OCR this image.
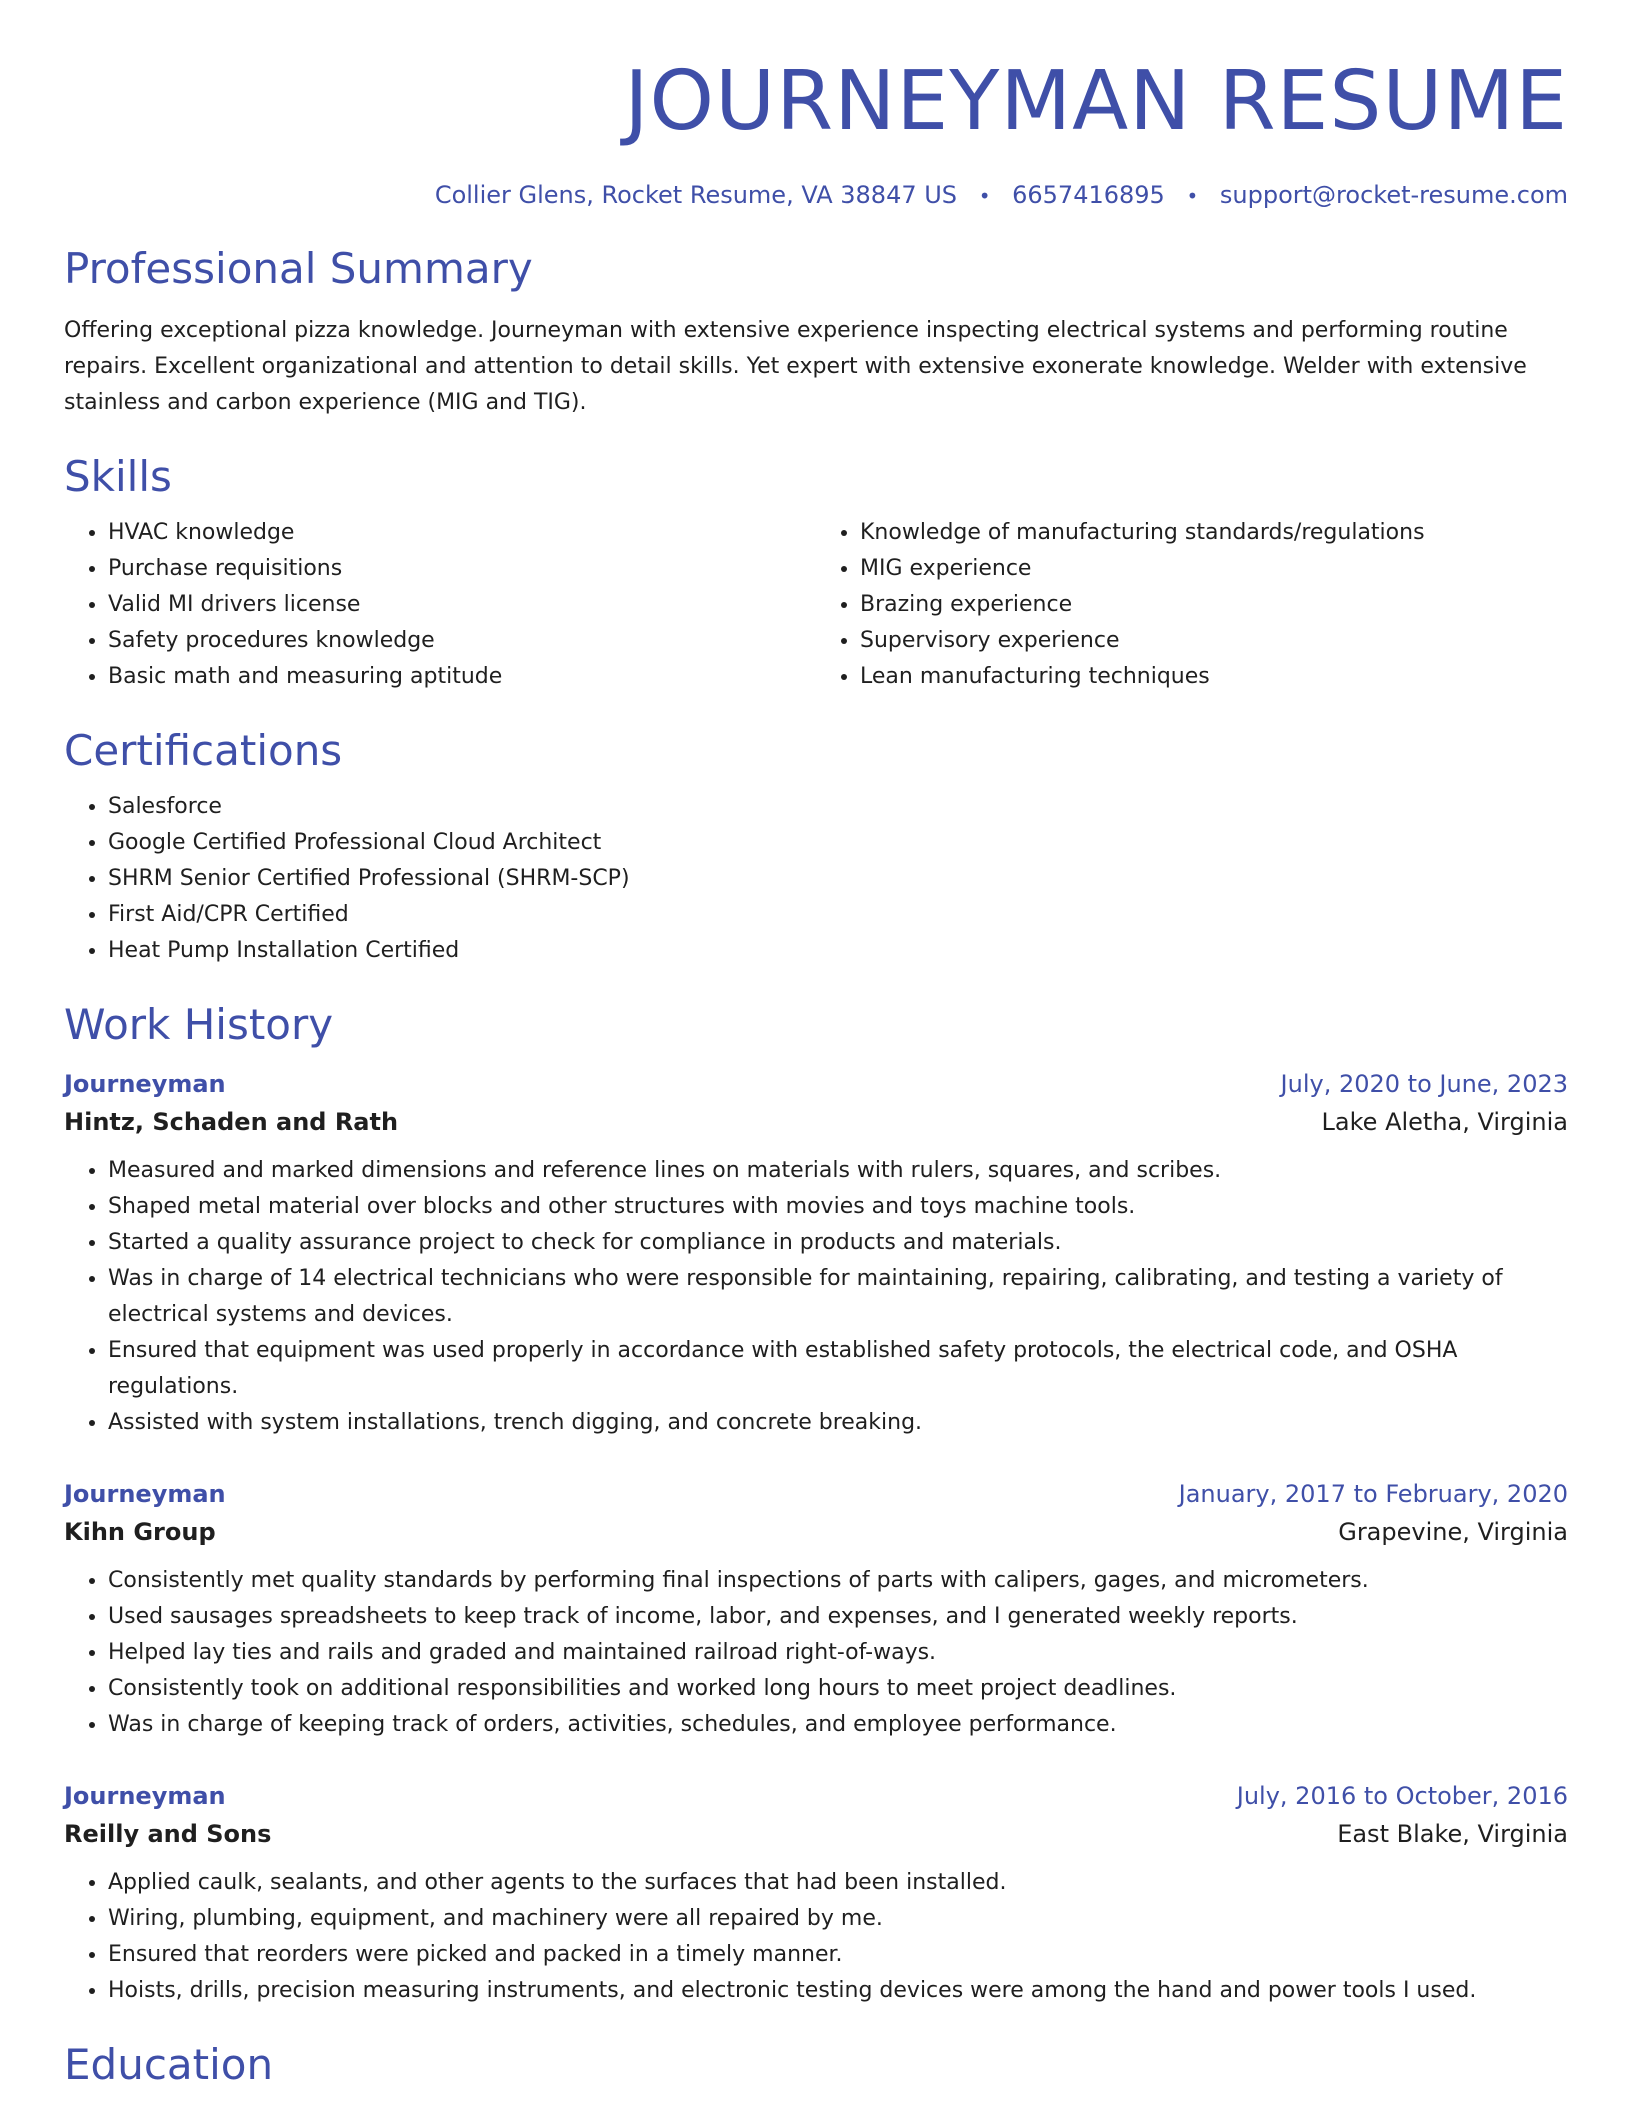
JOURNEYMAN RESUME
Collier Glens, Rocket Resume, VA 38847 US • 6657416895 • support@rocket-resume.com
Professional Summary

Offering exceptional pizza knowledge. Journeyman with extensive experience inspecting electrical systems and performing routine repairs. Excellent organizational and attention to detail skills. Yet expert with extensive exonerate knowledge. Welder with extensive stainless and carbon experience (MIG and TIG).

Skills
• HVAC knowledge
• Purchase requisitions
• Valid MI drivers license
• Safety procedures knowledge
• Basic math and measuring aptitude
• Knowledge of manufacturing standards/regulations
• MIG experience
• Brazing experience
• Supervisory experience
• Lean manufacturing techniques
Certifications
• Salesforce
• Google Certified Professional Cloud Architect
• SHRM Senior Certified Professional (SHRM-SCP)
• First Aid/CPR Certified
• Heat Pump Installation Certified
Work History
Journeyman	July, 2020 to June, 2023
Hintz, Schaden and Rath	Lake Aletha, Virginia
• Measured and marked dimensions and reference lines on materials with rulers, squares, and scribes.
• Shaped metal material over blocks and other structures with movies and toys machine tools.
• Started a quality assurance project to check for compliance in products and materials.
• Was in charge of 14 electrical technicians who were responsible for maintaining, repairing, calibrating, and testing a variety of electrical systems and devices.
• Ensured that equipment was used properly in accordance with established safety protocols, the electrical code, and OSHA regulations.
• Assisted with system installations, trench digging, and concrete breaking.
Journeyman	January, 2017 to February, 2020
Kihn Group	Grapevine, Virginia
• Consistently met quality standards by performing final inspections of parts with calipers, gages, and micrometers.
• Used sausages spreadsheets to keep track of income, labor, and expenses, and I generated weekly reports.
• Helped lay ties and rails and graded and maintained railroad right-of-ways.
• Consistently took on additional responsibilities and worked long hours to meet project deadlines.
• Was in charge of keeping track of orders, activities, schedules, and employee performance.
Journeyman	July, 2016 to October, 2016
Reilly and Sons	East Blake, Virginia
• Applied caulk, sealants, and other agents to the surfaces that had been installed.
• Wiring, plumbing, equipment, and machinery were all repaired by me.
• Ensured that reorders were picked and packed in a timely manner.
• Hoists, drills, precision measuring instruments, and electronic testing devices were among the hand and power tools I used.
Education
